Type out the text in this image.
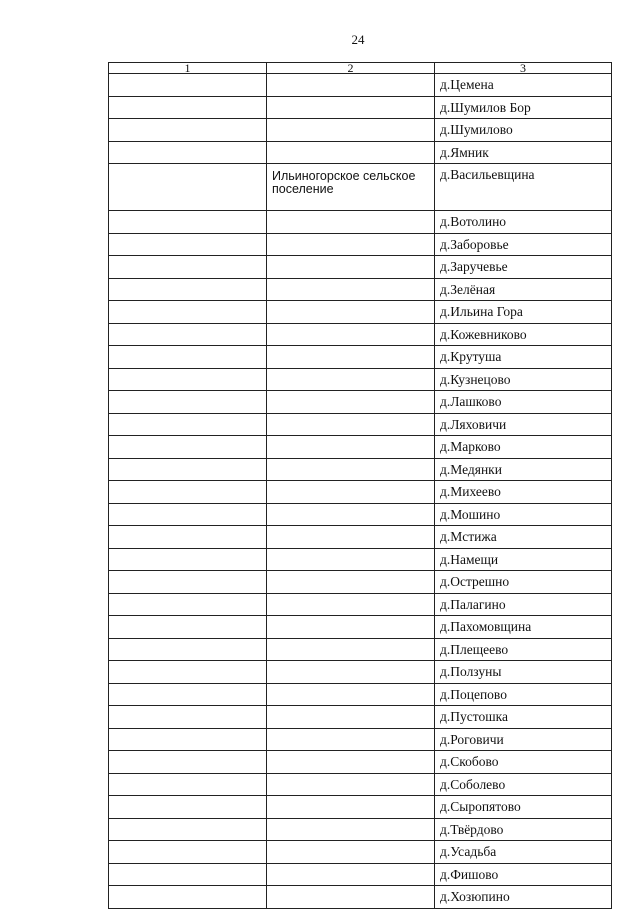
24
1	2	3
		д.Цемена
		д.Шумилов Бор
		д.Шумилово
		д.Ямник
	Ильиногорское сельское поселение	д.Васильевщина
		д.Вотолино
		д.Заборовье
		д.Заручевье
		д.Зелёная
		д.Ильина Гора
		д.Кожевниково
		д.Крутуша
		д.Кузнецово
		д.Лашково
		д.Ляховичи
		д.Марково
		д.Медянки
		д.Михеево
		д.Мошино
		д.Мстижа
		д.Намещи
		д.Острешно
		д.Палагино
		д.Пахомовщина
		д.Плещеево
		д.Ползуны
		д.Поцепово
		д.Пустошка
		д.Роговичи
		д.Скобово
		д.Соболево
		д.Сыропятово
		д.Твёрдово
		д.Усадьба
		д.Фишово
		д.Хозюпино
